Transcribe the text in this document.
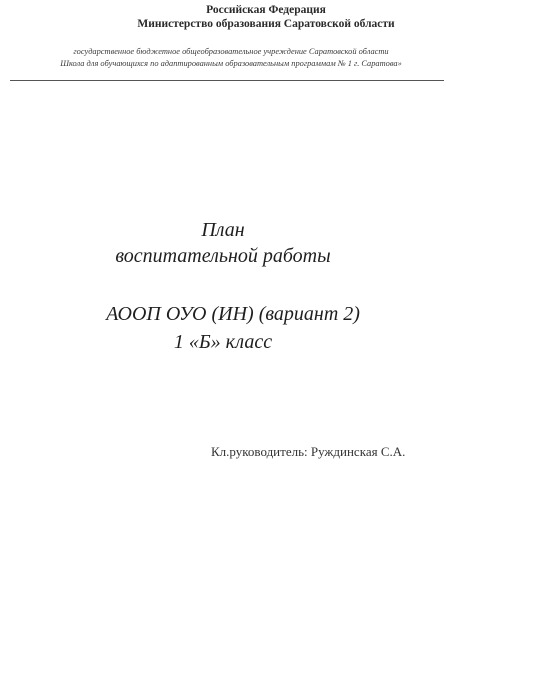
Российская Федерация
Министерство образования Саратовской области
государственное бюджетное общеобразовательное учреждение Саратовской области
Школа для обучающихся по адаптированным образовательным программам № 1 г. Саратова»
План
воспитательной работы
АООП ОУО (ИН) (вариант 2)
1 «Б» класс
Кл.руководитель: Руждинская С.А.
